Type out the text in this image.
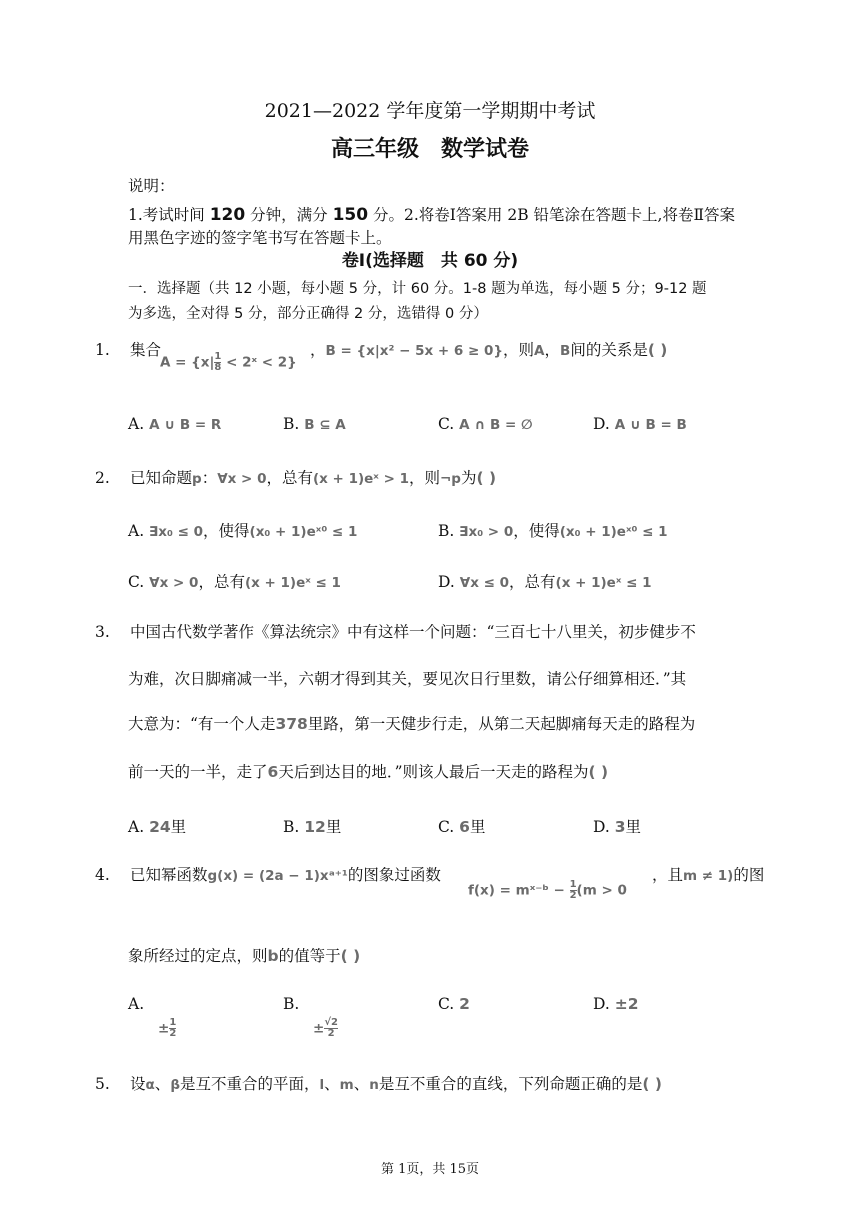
2021—2022 学年度第一学期期中考试
高三年级　数学试卷
说明：
1.考试时间 120 分钟，满分 150 分。2.将卷Ⅰ答案用 2B 铅笔涂在答题卡上,将卷Ⅱ答案
用黑色字迹的签字笔书写在答题卡上。
卷Ⅰ(选择题　共 60 分)
一．选择题（共 12 小题，每小题 5 分，计 60 分。1-8 题为单选，每小题 5 分；9-12 题
为多选，全对得 5 分，部分正确得 2 分，选错得 0 分）
1. 集合
$A = \{x| \frac{1}{8}$ < 2ˣ < 2}
，B = {x|x² − 5x + 6 ≥ 0}，则A，B间的关系是( )
A. A ∪ B = R	B. B ⊆ A	C. A ∩ B = ∅	D. A ∪ B = B
2. 已知命题p：∀x > 0，总有(x + 1)eˣ > 1，则¬p为( )
A. ∃x₀ ≤ 0，使得(x₀ + 1)eˣ⁰ ≤ 1	B. ∃x₀ > 0，使得(x₀ + 1)eˣ⁰ ≤ 1
C. ∀x > 0，总有(x + 1)eˣ ≤ 1	D. ∀x ≤ 0，总有(x + 1)eˣ ≤ 1
3. 中国古代数学著作《算法统宗》中有这样一个问题：“三百七十八里关，初步健步不
为难，次日脚痛减一半，六朝才得到其关，要见次日行里数，请公仔细算相还．”其
大意为：“有一个人走378里路，第一天健步行走，从第二天起脚痛每天走的路程为
前一天的一半，走了6天后到达目的地．”则该人最后一天走的路程为( )
A. 24里	B. 12里	C. 6里	D. 3里
4. 已知幂函数g(x) = (2a − 1)xᵃ⁺¹的图象过函数
f(x) = mˣ⁻ᵇ − $\frac{1}{2} (m > 0$
，且m ≠ 1)的图
象所经过的定点，则b的值等于( )
A.
± $\frac{1}{2}$
B.
± $\frac{√2}{2}$
C. 2	D. ±2
5. 设α、β是互不重合的平面，l、m、n是互不重合的直线，下列命题正确的是( )
第 1页，共 15页
